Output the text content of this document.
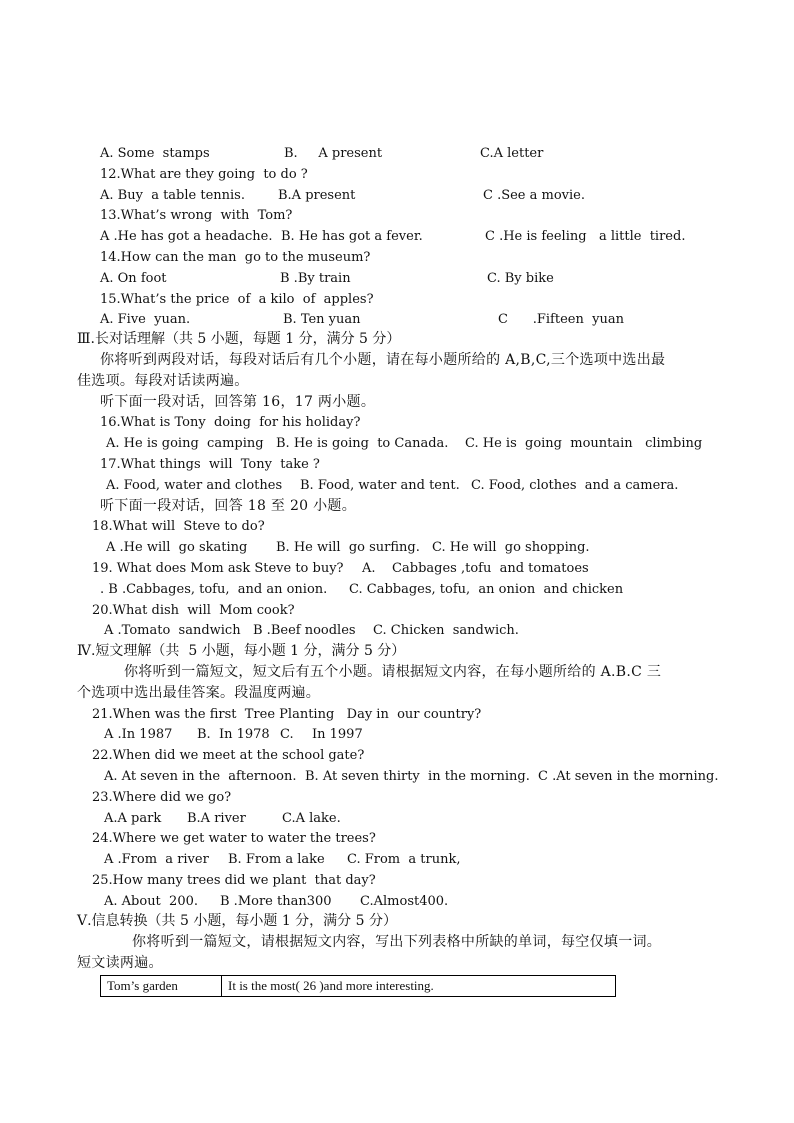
A. Some  stamps	B.     A present	C.A letter
12.What are they going  to do ?
A. Buy  a table tennis.	B.A present	C .See a movie.
13.What’s wrong  with  Tom?
A .He has got a headache. B. He has got a fever.	C .He is feeling   a little  tired.
14.How can the man  go to the museum?
A. On foot	B .By train	C. By bike
15.What’s the price  of  a kilo  of  apples?
A. Five  yuan.	B. Ten yuan	C      .Fifteen  yuan
Ⅲ.长对话理解（共 5 小题，每题 1 分，满分 5 分）
你将听到两段对话，每段对话后有几个小题，请在每小题所给的 A,B,C,三个选项中选出最
佳选项。每段对话读两遍。
听下面一段对话，回答第 16，17 两小题。
16.What is Tony  doing  for his holiday?
A. He is going  camping B. He is going  to Canada. C. He is  going  mountain   climbing
17.What things  will  Tony  take ?
A. Food, water and clothes B. Food, water and tent. C. Food, clothes  and a camera.
听下面一段对话，回答 18 至 20 小题。
18.What will  Steve to do?
A .He will  go skating B. He will  go surfing. C. He will  go shopping.
19. What does Mom ask Steve to buy? A.    Cabbages ,tofu  and tomatoes
. B .Cabbages, tofu,  and an onion. C. Cabbages, tofu,  an onion  and chicken
20.What dish  will  Mom cook?
A .Tomato  sandwich B .Beef noodles C. Chicken  sandwich.
Ⅳ.短文理解（共  5 小题，每小题 1 分，满分 5 分）
你将听到一篇短文，短文后有五个小题。请根据短文内容，在每小题所给的 A.B.C 三
个选项中选出最佳答案。段温度两遍。
21.When was the first  Tree Planting   Day in  our country?
A .In 1987 B.  In 1978 C. In 1997
22.When did we meet at the school gate?
A. At seven in the  afternoon. B. At seven thirty  in the morning. C .At seven in the morning.
23.Where did we go?
A.A park B.A river	C.A lake.
24.Where we get water to water the trees?
A .From  a river B. From a lake C. From  a trunk,
25.How many trees did we plant  that day?
A. About  200. B .More than300 C.Almost400.
Ⅴ.信息转换（共 5 小题，每小题 1 分，满分 5 分）
你将听到一篇短文，请根据短文内容，写出下列表格中所缺的单词，每空仅填一词。
短文读两遍。
Tom’s garden	It is the most( 26 )and more interesting.
